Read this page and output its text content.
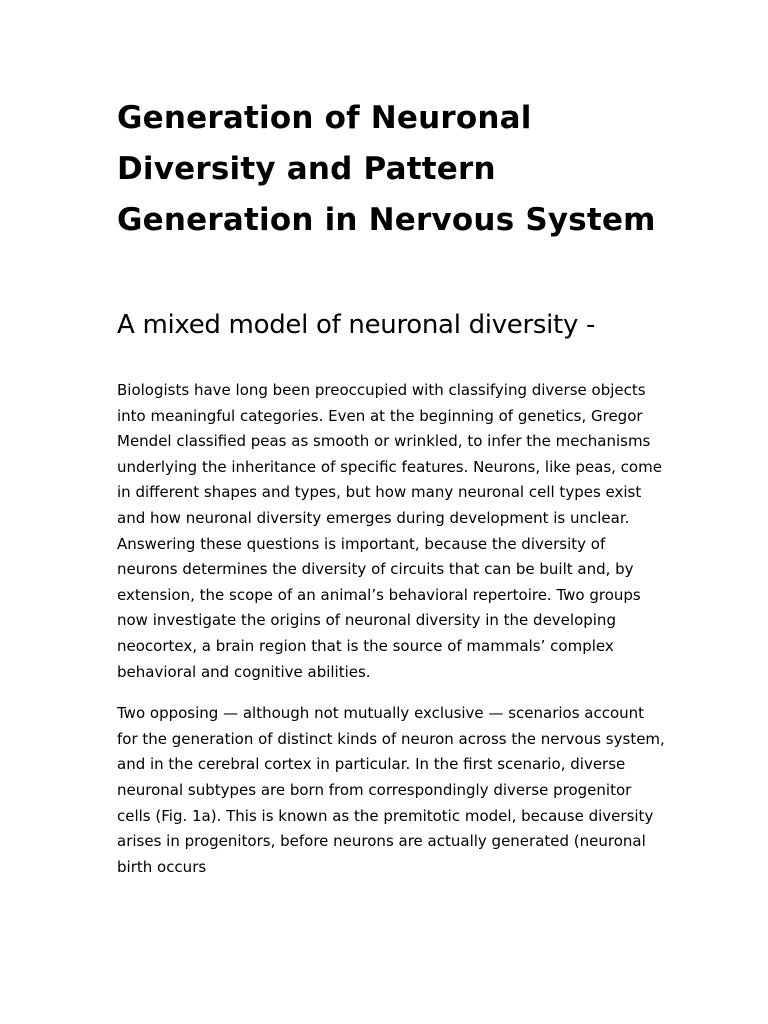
Generation of Neuronal Diversity and Pattern Generation in Nervous System
A mixed model of neuronal diversity -

Biologists have long been preoccupied with classifying diverse objects into meaningful categories. Even at the beginning of genetics, Gregor Mendel classified peas as smooth or wrinkled, to infer the mechanisms underlying the inheritance of specific features. Neurons, like peas, come in different shapes and types, but how many neuronal cell types exist and how neuronal diversity emerges during development is unclear. Answering these questions is important, because the diversity of neurons determines the diversity of circuits that can be built and, by extension, the scope of an animal’s behavioral repertoire. Two groups now investigate the origins of neuronal diversity in the developing neocortex, a brain region that is the source of mammals’ complex behavioral and cognitive abilities.

Two opposing — although not mutually exclusive — scenarios account for the generation of distinct kinds of neuron across the nervous system, and in the cerebral cortex in particular. In the first scenario, diverse neuronal subtypes are born from correspondingly diverse progenitor cells (Fig. 1a). This is known as the premitotic model, because diversity arises in progenitors, before neurons are actually generated (neuronal birth occurs
